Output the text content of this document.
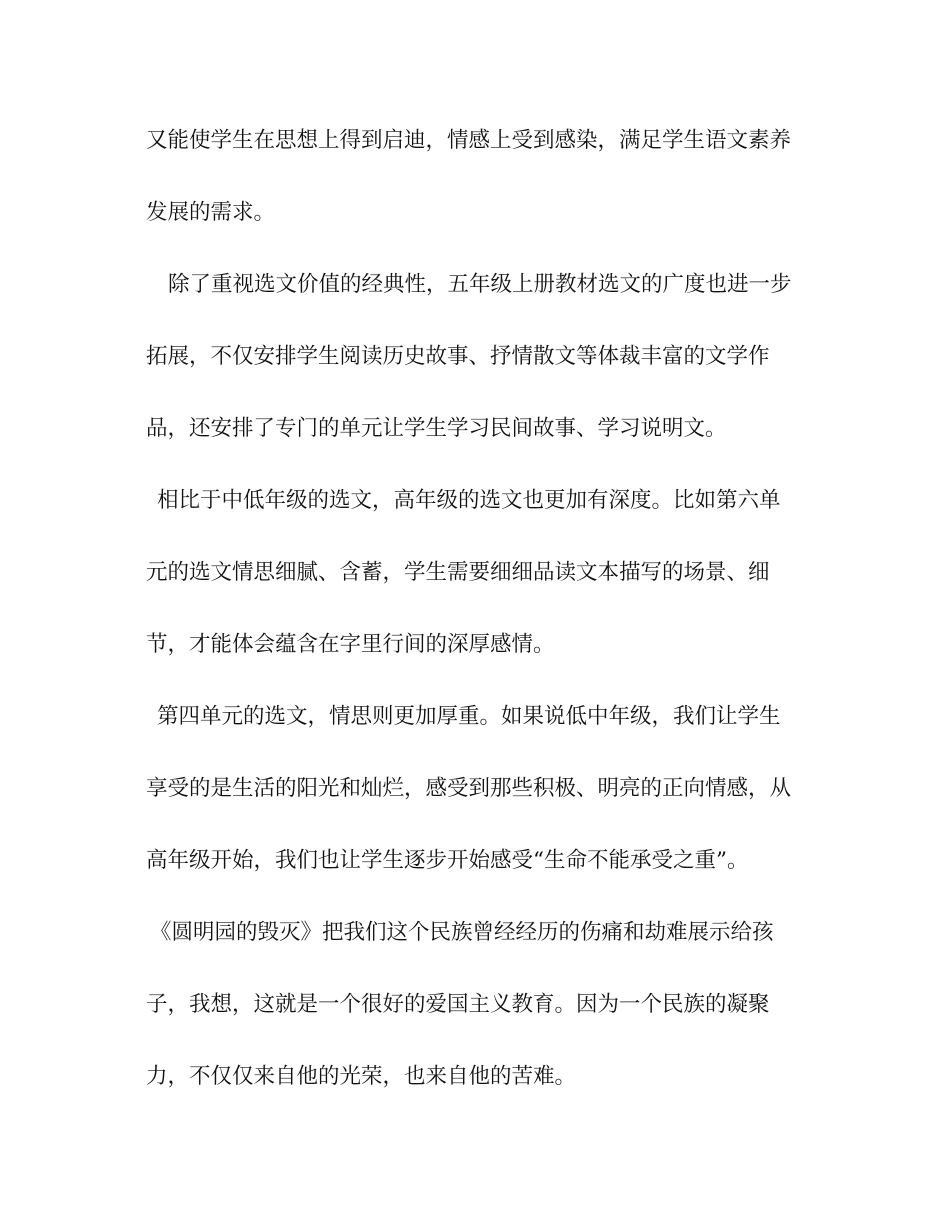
又能使学生在思想上得到启迪，情感上受到感染，满足学生语文素养
发展的需求。
除了重视选文价值的经典性，五年级上册教材选文的广度也进一步
拓展，不仅安排学生阅读历史故事、抒情散文等体裁丰富的文学作
品，还安排了专门的单元让学生学习民间故事、学习说明文。
相比于中低年级的选文，高年级的选文也更加有深度。比如第六单
元的选文情思细腻、含蓄，学生需要细细品读文本描写的场景、细
节，才能体会蕴含在字里行间的深厚感情。
第四单元的选文，情思则更加厚重。如果说低中年级，我们让学生
享受的是生活的阳光和灿烂，感受到那些积极、明亮的正向情感，从
高年级开始，我们也让学生逐步开始感受“生命不能承受之重”。
《圆明园的毁灭》把我们这个民族曾经经历的伤痛和劫难展示给孩
子，我想，这就是一个很好的爱国主义教育。因为一个民族的凝聚
力，不仅仅来自他的光荣，也来自他的苦难。
